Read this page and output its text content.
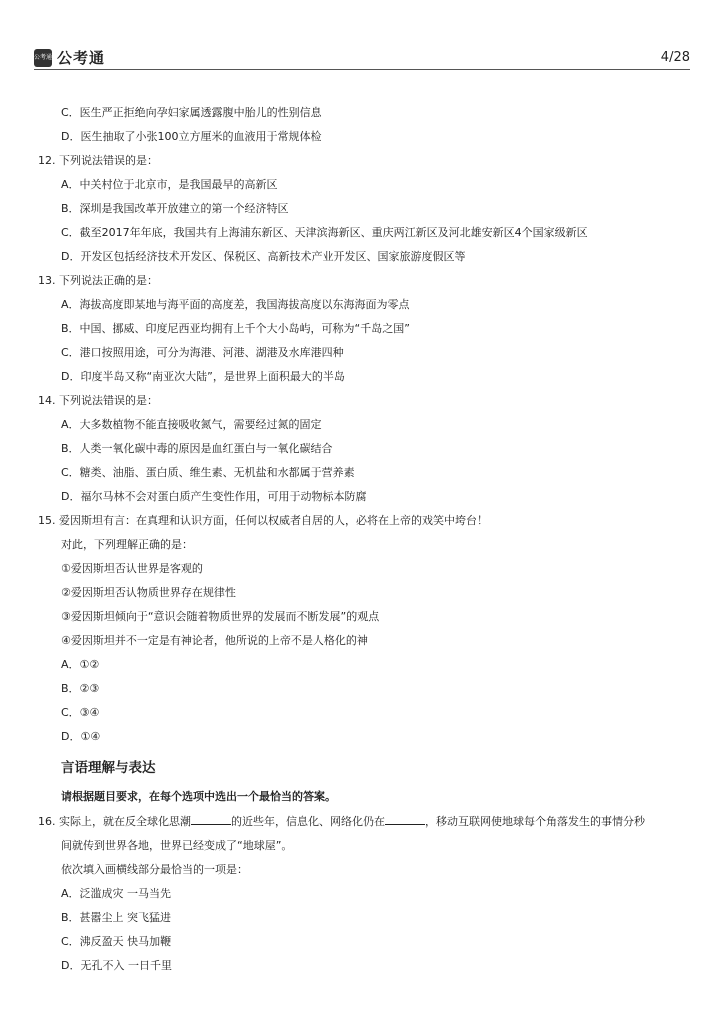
公考通 公考通	4/28
C．医生严正拒绝向孕妇家属透露腹中胎儿的性别信息
D．医生抽取了小张100立方厘米的血液用于常规体检
12. 下列说法错误的是：
A．中关村位于北京市，是我国最早的高新区
B．深圳是我国改革开放建立的第一个经济特区
C．截至2017年年底，我国共有上海浦东新区、天津滨海新区、重庆两江新区及河北雄安新区4个国家级新区
D．开发区包括经济技术开发区、保税区、高新技术产业开发区、国家旅游度假区等
13. 下列说法正确的是：
A．海拔高度即某地与海平面的高度差，我国海拔高度以东海海面为零点
B．中国、挪威、印度尼西亚均拥有上千个大小岛屿，可称为“千岛之国”
C．港口按照用途，可分为海港、河港、湖港及水库港四种
D．印度半岛又称“南亚次大陆”，是世界上面积最大的半岛
14. 下列说法错误的是：
A．大多数植物不能直接吸收氮气，需要经过氮的固定
B．人类一氧化碳中毒的原因是血红蛋白与一氧化碳结合
C．糖类、油脂、蛋白质、维生素、无机盐和水都属于营养素
D．福尔马林不会对蛋白质产生变性作用，可用于动物标本防腐
15. 爱因斯坦有言：在真理和认识方面，任何以权威者自居的人，必将在上帝的戏笑中垮台！
对此，下列理解正确的是：
①爱因斯坦否认世界是客观的
②爱因斯坦否认物质世界存在规律性
③爱因斯坦倾向于“意识会随着物质世界的发展而不断发展”的观点
④爱因斯坦并不一定是有神论者，他所说的上帝不是人格化的神
A．①②
B．②③
C．③④
D．①④
言语理解与表达
请根据题目要求，在每个选项中选出一个最恰当的答案。
16. 实际上，就在反全球化思潮	的近些年，信息化、网络化仍在	，移动互联网使地球每个角落发生的事情分秒
间就传到世界各地，世界已经变成了“地球屋”。
依次填入画横线部分最恰当的一项是：
A．泛滥成灾 一马当先
B．甚嚣尘上 突飞猛进
C．沸反盈天 快马加鞭
D．无孔不入 一日千里
